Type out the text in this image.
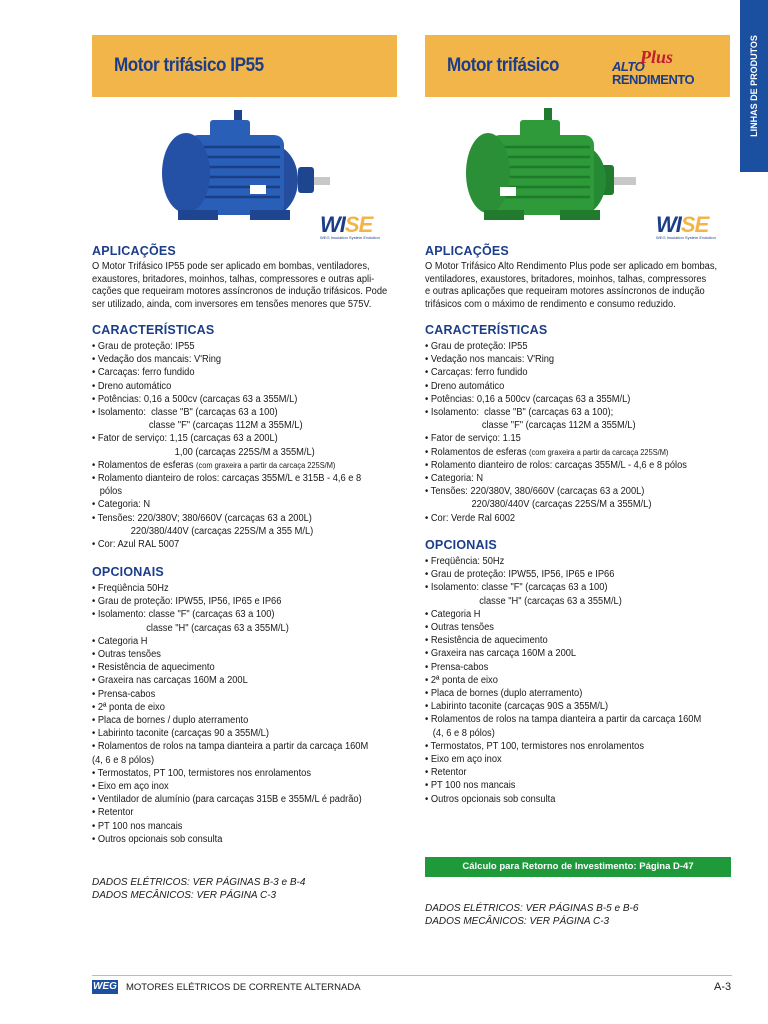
LINHAS DE PRODUTOS
Motor trifásico IP55
WISE
WEG Insulation System Evolution
APLICAÇÕES
O Motor Trifásico IP55 pode ser aplicado em bombas, ventiladores,
exaustores, britadores, moinhos, talhas, compressores e outras apli-
cações que requeiram motores assíncronos de indução trifásicos. Pode
ser utilizado, ainda, com inversores em tensões menores que 575V.
CARACTERÍSTICAS
• Grau de proteção: IP55
• Vedação dos mancais: V'Ring
• Carcaças: ferro fundido
• Dreno automático
• Potências: 0,16 a 500cv (carcaças 63 a 355M/L)
• Isolamento:  classe "B" (carcaças 63 a 100)
classe "F" (carcaças 112M a 355M/L)
• Fator de serviço: 1,15 (carcaças 63 a 200L)
1,00 (carcaças 225S/M a 355M/L)
• Rolamentos de esferas (com graxeira a partir da carcaça 225S/M)
• Rolamento dianteiro de rolos: carcaças 355M/L e 315B - 4,6 e 8
pólos
• Categoria: N
• Tensões: 220/380V; 380/660V (carcaças 63 a 200L)
220/380/440V (carcaças 225S/M a 355 M/L)
• Cor: Azul RAL 5007
OPCIONAIS
• Freqüência 50Hz
• Grau de proteção: IPW55, IP56, IP65 e IP66
• Isolamento: classe "F" (carcaças 63 a 100)
classe "H" (carcaças 63 a 355M/L)
• Categoria H
• Outras tensões
• Resistência de aquecimento
• Graxeira nas carcaças 160M a 200L
• Prensa-cabos
• 2ª ponta de eixo
• Placa de bornes / duplo aterramento
• Labirinto taconite (carcaças 90 a 355M/L)
• Rolamentos de rolos na tampa dianteira a partir da carcaça 160M
(4, 6 e 8 pólos)
• Termostatos, PT 100, termistores nos enrolamentos
• Eixo em aço inox
• Ventilador de alumínio (para carcaças 315B e 355M/L é padrão)
• Retentor
• PT 100 nos mancais
• Outros opcionais sob consulta
DADOS ELÉTRICOS: VER PÁGINAS B-3 e B-4
DADOS MECÂNICOS: VER PÁGINA C-3
Motor trifásico	ALTO
Plus
RENDIMENTO
WISE
WEG Insulation System Evolution
APLICAÇÕES
O Motor Trifásico Alto Rendimento Plus pode ser aplicado em bombas,
ventiladores, exaustores, britadores, moinhos, talhas, compressores
e outras aplicações que requeiram motores assíncronos de indução
trifásicos com o máximo de rendimento e consumo reduzido.
CARACTERÍSTICAS
• Grau de proteção: IP55
• Vedação nos mancais: V'Ring
• Carcaças: ferro fundido
• Dreno automático
• Potências: 0,16 a 500cv (carcaças 63 a 355M/L)
• Isolamento:  classe "B" (carcaças 63 a 100);
classe "F" (carcaças 112M a 355M/L)
• Fator de serviço: 1.15
• Rolamentos de esferas (com graxeira a partir da carcaça 225S/M)
• Rolamento dianteiro de rolos: carcaças 355M/L - 4,6 e 8 pólos
• Categoria: N
• Tensões: 220/380V, 380/660V (carcaças 63 a 200L)
220/380/440V (carcaças 225S/M a 355M/L)
• Cor: Verde Ral 6002
OPCIONAIS
• Freqüência: 50Hz
• Grau de proteção: IPW55, IP56, IP65 e IP66
• Isolamento: classe "F" (carcaças 63 a 100)
classe "H" (carcaças 63 a 355M/L)
• Categoria H
• Outras tensões
• Resistência de aquecimento
• Graxeira nas carcaça 160M a 200L
• Prensa-cabos
• 2ª ponta de eixo
• Placa de bornes (duplo aterramento)
• Labirinto taconite (carcaças 90S a 355M/L)
• Rolamentos de rolos na tampa dianteira a partir da carcaça 160M
(4, 6 e 8 pólos)
• Termostatos, PT 100, termistores nos enrolamentos
• Eixo em aço inox
• Retentor
• PT 100 nos mancais
• Outros opcionais sob consulta
Cálculo para Retorno de Investimento: Página D-47
DADOS ELÉTRICOS: VER PÁGINAS B-5 e B-6
DADOS MECÂNICOS: VER PÁGINA C-3
WEG MOTORES ELÉTRICOS DE CORRENTE ALTERNADA	A-3
